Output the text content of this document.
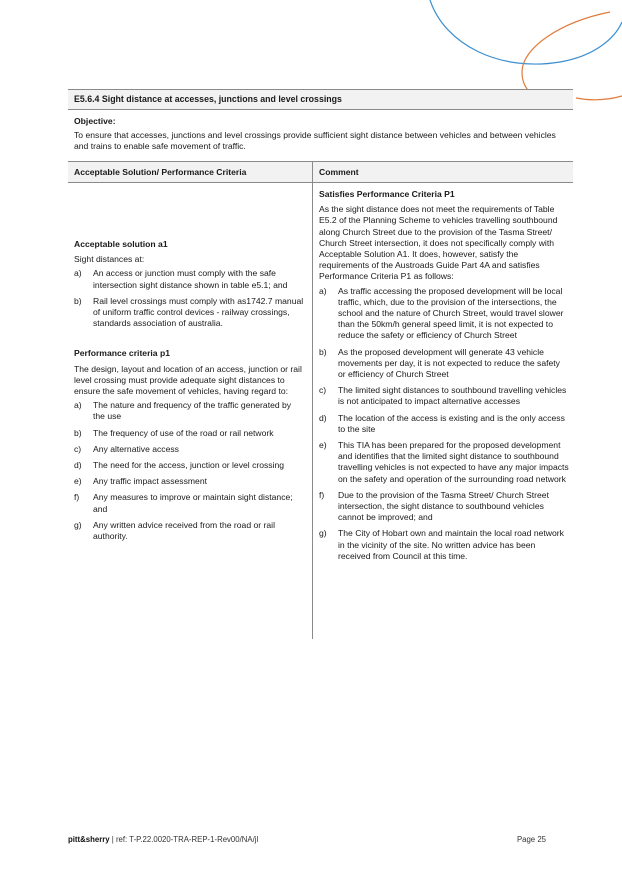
E5.6.4 Sight distance at accesses, junctions and level crossings
Objective:
To ensure that accesses, junctions and level crossings provide sufficient sight distance between vehicles and between vehicles and trains to enable safe movement of traffic.
Acceptable Solution/ Performance Criteria	Comment
Acceptable solution a1

Sight distances at:

a) An access or junction must comply with the safe intersection sight distance shown in table e5.1; and
b) Rail level crossings must comply with as1742.7 manual of uniform traffic control devices - railway crossings, standards association of australia.
Performance criteria p1

The design, layout and location of an access, junction or rail level crossing must provide adequate sight distances to ensure the safe movement of vehicles, having regard to:

a) The nature and frequency of the traffic generated by the use
b) The frequency of use of the road or rail network
c) Any alternative access
d) The need for the access, junction or level crossing
e) Any traffic impact assessment
f) Any measures to improve or maintain sight distance; and
g) Any written advice received from the road or rail authority.
Satisfies Performance Criteria P1

As the sight distance does not meet the requirements of Table E5.2 of the Planning Scheme to vehicles travelling southbound along Church Street due to the provision of the Tasma Street/ Church Street intersection, it does not specifically comply with Acceptable Solution A1. It does, however, satisfy the requirements of the Austroads Guide Part 4A and satisfies Performance Criteria P1 as follows:

a) As traffic accessing the proposed development will be local traffic, which, due to the provision of the intersections, the school and the nature of Church Street, would travel slower than the 50km/h general speed limit, it is not expected to reduce the safety or efficiency of Church Street
b) As the proposed development will generate 43 vehicle movements per day, it is not expected to reduce the safety or efficiency of Church Street
c) The limited sight distances to southbound travelling vehicles is not anticipated to impact alternative accesses
d) The location of the access is existing and is the only access to the site
e) This TIA has been prepared for the proposed development and identifies that the limited sight distance to southbound travelling vehicles is not expected to have any major impacts on the safety and operation of the surrounding road network
f) Due to the provision of the Tasma Street/ Church Street intersection, the sight distance to southbound vehicles cannot be improved; and
g) The City of Hobart own and maintain the local road network in the vicinity of the site. No written advice has been received from Council at this time.
pitt&sherry | ref: T-P.22.0020-TRA-REP-1-Rev00/NA/jl	Page 25
